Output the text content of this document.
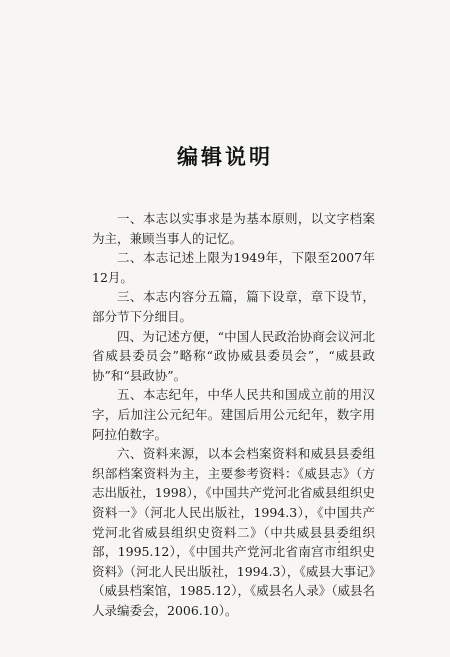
编辑说明

一、本志以实事求是为基本原则，以文字档案为主，兼顾当事人的记忆。

二、本志记述上限为1949年，下限至2007年12月。

三、本志内容分五篇，篇下设章，章下设节，部分节下分细目。

四、为记述方便，“中国人民政治协商会议河北省威县委员会”略称“政协威县委员会”，“威县政协”和“县政协”。

五、本志纪年，中华人民共和国成立前的用汉字，后加注公元纪年。建国后用公元纪年，数字用阿拉伯数字。

六、资料来源，以本会档案资料和威县县委组织部档案资料为主，主要参考资料：《威县志》（方志出版社，1998），《中国共产党河北省威县组织史资料一》（河北人民出版社，1994.3），《中国共产党河北省威县组织史资料二》（中共威县县委组织部，1995.12），《中国共产党河北省南宫市组织史资料》（河北人民出版社，1994.3），《威县大事记》（威县档案馆，1985.12），《威县名人录》（威县名人录编委会，2006.10）。
